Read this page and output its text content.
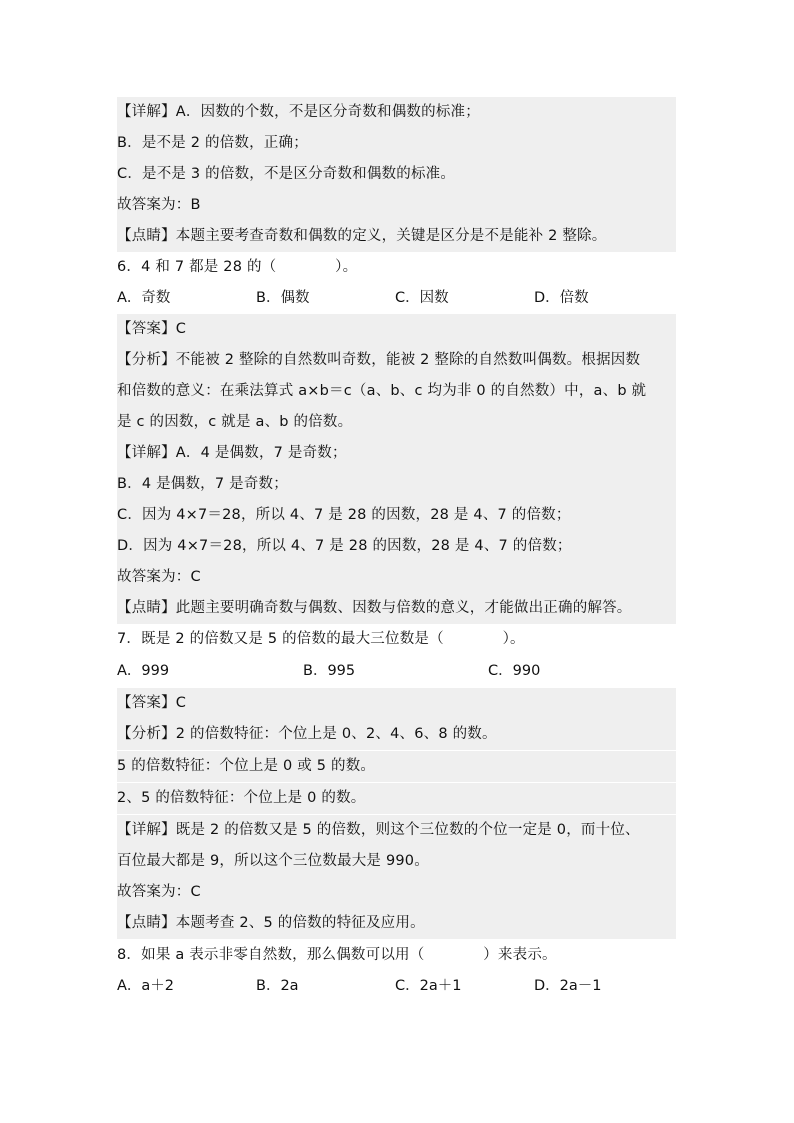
【详解】A．因数的个数，不是区分奇数和偶数的标准；
B．是不是 2 的倍数，正确；
C．是不是 3 的倍数，不是区分奇数和偶数的标准。
故答案为：B
【点睛】本题主要考查奇数和偶数的定义，关键是区分是不是能补 2 整除。
6．4 和 7 都是 28 的（　　　　）。
A．奇数	B．偶数	C．因数	D．倍数
【答案】C
【分析】不能被 2 整除的自然数叫奇数，能被 2 整除的自然数叫偶数。根据因数
和倍数的意义：在乘法算式 a×b＝c（a、b、c 均为非 0 的自然数）中，a、b 就
是 c 的因数，c 就是 a、b 的倍数。
【详解】A．4 是偶数，7 是奇数；
B．4 是偶数，7 是奇数；
C．因为 4×7＝28，所以 4、7 是 28 的因数，28 是 4、7 的倍数；
D．因为 4×7＝28，所以 4、7 是 28 的因数，28 是 4、7 的倍数；
故答案为：C
【点睛】此题主要明确奇数与偶数、因数与倍数的意义，才能做出正确的解答。
7．既是 2 的倍数又是 5 的倍数的最大三位数是（　　　　）。
A．999	B．995	C．990
【答案】C
【分析】2 的倍数特征：个位上是 0、2、4、6、8 的数。
5 的倍数特征：个位上是 0 或 5 的数。
2、5 的倍数特征：个位上是 0 的数。
【详解】既是 2 的倍数又是 5 的倍数，则这个三位数的个位一定是 0，而十位、
百位最大都是 9，所以这个三位数最大是 990。
故答案为：C
【点睛】本题考查 2、5 的倍数的特征及应用。
8．如果 a 表示非零自然数，那么偶数可以用（　　　　）来表示。
A．a＋2	B．2a	C．2a＋1	D．2a－1
